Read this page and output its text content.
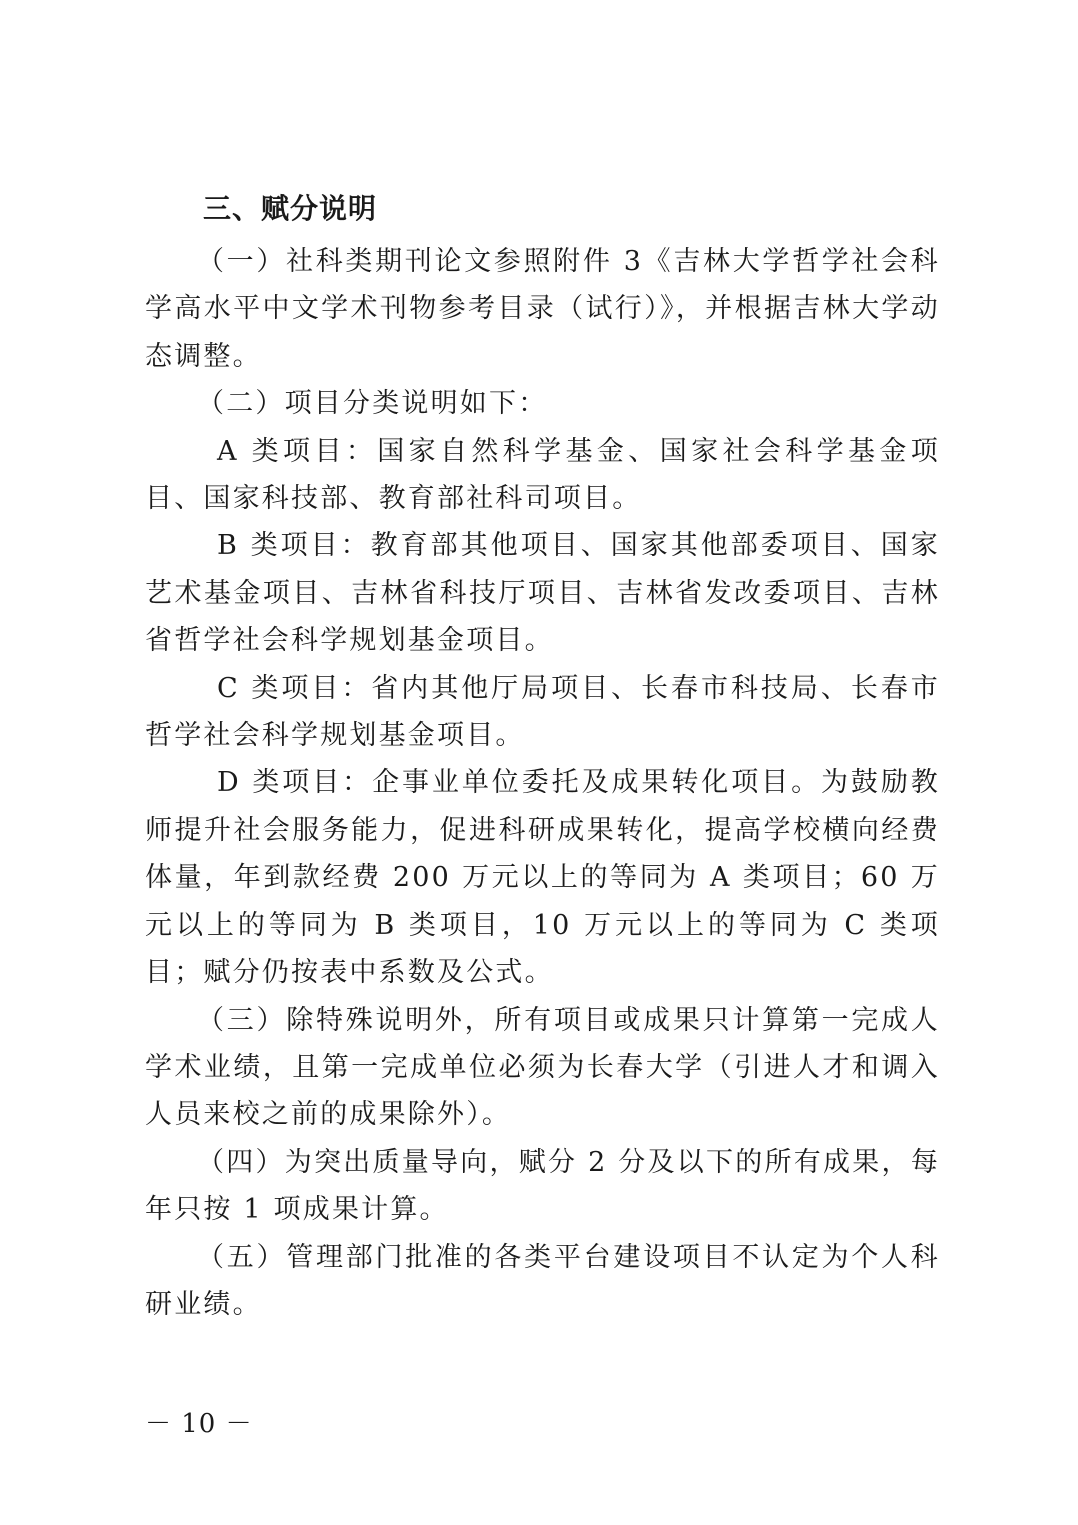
三、赋分说明

（一）社科类期刊论文参照附件 3《吉林大学哲学社会科学高水平中文学术刊物参考目录（试行）》，并根据吉林大学动态调整。

（二）项目分类说明如下：

A 类项目：国家自然科学基金、国家社会科学基金项目、国家科技部、教育部社科司项目。

B 类项目：教育部其他项目、国家其他部委项目、国家艺术基金项目、吉林省科技厅项目、吉林省发改委项目、吉林省哲学社会科学规划基金项目。

C 类项目：省内其他厅局项目、长春市科技局、长春市哲学社会科学规划基金项目。

D 类项目：企事业单位委托及成果转化项目。为鼓励教师提升社会服务能力，促进科研成果转化，提高学校横向经费体量，年到款经费 200 万元以上的等同为 A 类项目；60 万元以上的等同为 B 类项目，10 万元以上的等同为 C 类项目；赋分仍按表中系数及公式。

（三）除特殊说明外，所有项目或成果只计算第一完成人学术业绩，且第一完成单位必须为长春大学（引进人才和调入人员来校之前的成果除外）。

（四）为突出质量导向，赋分 2 分及以下的所有成果，每年只按 1 项成果计算。

（五）管理部门批准的各类平台建设项目不认定为个人科研业绩。

－ 10 －
